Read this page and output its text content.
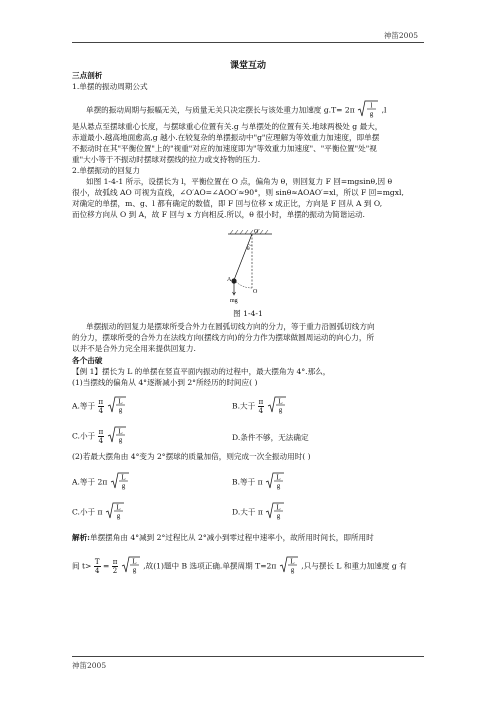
神笛2005
课堂互动
三点剖析
1.单摆的振动周期公式
单摆的振动周期与振幅无关，与质量无关只决定摆长与该处重力加速度 g.T= 2π l
g ,l
是从悬点至摆球重心长度，与摆球重心位置有关.g 与单摆处的位置有关.地球两极处 g 最大，
赤道最小.越高地面愈高,g 越小.在较复杂的单摆振动中"g"应理解为等效重力加速度，即单摆
不振动时在其"平衡位置"上的"视重"对应的加速度即为"等效重力加速度"、"平衡位置"处"视
重"大小等于不振动时摆球对摆线的拉力或支持物的压力.
2.单摆振动的回复力
如图 1-4-1 所示，设摆长为 l，平衡位置在 O 点，偏角为 θ，则回复力 F 回=mgsinθ,因 θ
很小，故弧线 AO 可视为直线，∠O′AO=∠AOO′≈90°，则 sinθ≈AOAO′=xl，所以 F 回=mgxl,
对确定的单摆，m、g、l 都有确定的数值，即 F 回与位移 x 成正比，方向是 F 回从 A 到 O,
而位移方向从 O 到 A，故 F 回与 x 方向相反.所以，θ 很小时，单摆的振动为简谐运动.
O′
θ
A
O
mg
图 1-4-1
单摆振动的回复力是摆球所受合外力在圆弧切线方向的分力，等于重力沿圆弧切线方向
的分力，摆球所受的合外力在法线方向(摆线方向)的分力作为摆球做圆周运动的向心力，所
以并不是合外力完全用来提供回复力.
各个击破
【例 1】摆长为 L 的单摆在竖直平面内振动的过程中，最大摆角为 4°.那么，
(1)当摆线的偏角从 4°逐渐减小到 2°所经历的时间应( )
A.等于 $\frac{\pi}{4}$
L
g	B.大于 $\frac{\pi}{4}$
L
g
C.小于 $\frac{\pi}{4}$
L
g	D.条件不够，无法确定
(2)若最大摆角由 4°变为 2°摆球的质量加倍，则完成一次全振动用时( )
A.等于 2π L
g	B.等于 π L
g
C.小于 π L
g	D.大于 π L
g
解析:单摆摆角由 4°减到 2°过程比从 2°减小到零过程中速率小，故所用时间长，即所用时
间 $t> \frac{T}{4} = \frac{\pi}{2}$
L
g ,故(1)题中 B 选项正确.单摆周期 T=2π L
g ,只与摆长 L 和重力加速度 g 有
神笛2005
